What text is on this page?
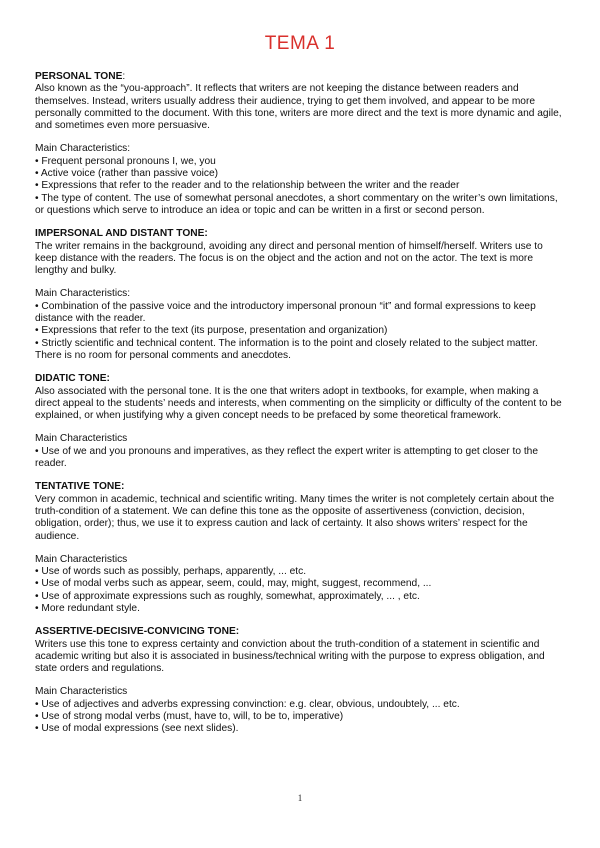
TEMA 1

PERSONAL TONE:

Also known as the “you-approach”. It reflects that writers are not keeping the distance between readers and themselves. Instead, writers usually address their audience, trying to get them involved, and appear to be more personally committed to the document. With this tone, writers are more direct and the text is more dynamic and agile, and sometimes even more persuasive.

Main Characteristics:

• Frequent personal pronouns I, we, you

• Active voice (rather than passive voice)

• Expressions that refer to the reader and to the relationship between the writer and the reader

• The type of content. The use of somewhat personal anecdotes, a short commentary on the writer’s own limitations, or questions which serve to introduce an idea or topic and can be written in a first or second person.

IMPERSONAL AND DISTANT TONE:

The writer remains in the background, avoiding any direct and personal mention of himself/herself. Writers use to keep distance with the readers. The focus is on the object and the action and not on the actor. The text is more lengthy and bulky.

Main Characteristics:

• Combination of the passive voice and the introductory impersonal pronoun “it” and formal expressions to keep distance with the reader.

• Expressions that refer to the text (its purpose, presentation and organization)

• Strictly scientific and technical content. The information is to the point and closely related to the subject matter. There is no room for personal comments and anecdotes.

DIDATIC TONE:

Also associated with the personal tone. It is the one that writers adopt in textbooks, for example, when making a direct appeal to the students’ needs and interests, when commenting on the simplicity or difficulty of the content to be explained, or when justifying why a given concept needs to be prefaced by some theoretical framework.

Main Characteristics

• Use of we and you pronouns and imperatives, as they reflect the expert writer is attempting to get closer to the reader.

TENTATIVE TONE:

Very common in academic, technical and scientific writing. Many times the writer is not completely certain about the truth-condition of a statement. We can define this tone as the opposite of assertiveness (conviction, decision, obligation, order); thus, we use it to express caution and lack of certainty. It also shows writers’ respect for the audience.

Main Characteristics

• Use of words such as possibly, perhaps, apparently, ... etc.

• Use of modal verbs such as appear, seem, could, may, might, suggest, recommend, ...

• Use of approximate expressions such as roughly, somewhat, approximately, ... , etc.

• More redundant style.

ASSERTIVE-DECISIVE-CONVICING TONE:

Writers use this tone to express certainty and conviction about the truth-condition of a statement in scientific and academic writing but also it is associated in business/technical writing with the purpose to express obligation, and state orders and regulations.

Main Characteristics

• Use of adjectives and adverbs expressing convinction: e.g. clear, obvious, undoubtely, ... etc.

• Use of strong modal verbs (must, have to, will, to be to, imperative)

• Use of modal expressions (see next slides).

1
